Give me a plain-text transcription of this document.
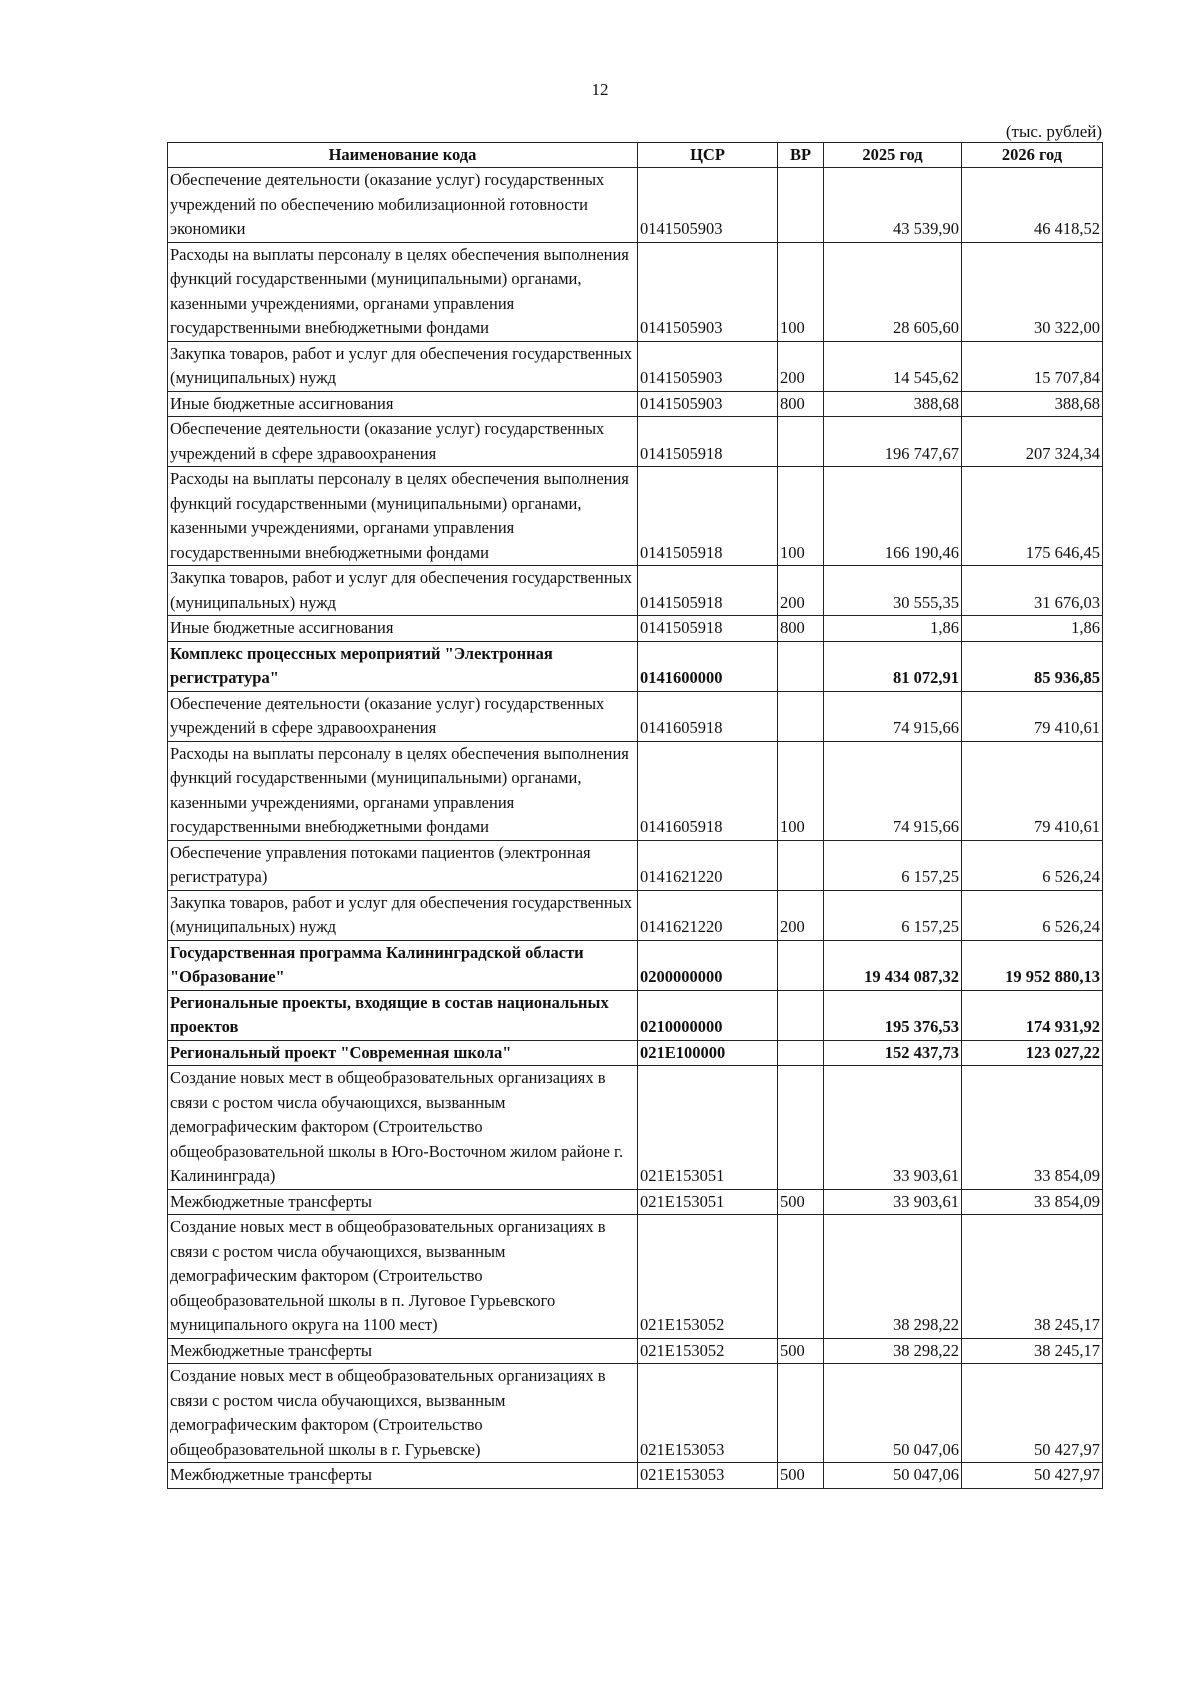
12
(тыс. рублей)
Наименование кода	ЦСР	ВР	2025 год	2026 год
Обеспечение деятельности (оказание услуг) государственных учреждений по обеспечению мобилизационной готовности экономики	0141505903		43 539,90	46 418,52
Расходы на выплаты персоналу в целях обеспечения выполнения функций государственными (муниципальными) органами, казенными учреждениями, органами управления государственными внебюджетными фондами	0141505903	100	28 605,60	30 322,00
Закупка товаров, работ и услуг для обеспечения государственных (муниципальных) нужд	0141505903	200	14 545,62	15 707,84
Иные бюджетные ассигнования	0141505903	800	388,68	388,68
Обеспечение деятельности (оказание услуг) государственных учреждений в сфере здравоохранения	0141505918		196 747,67	207 324,34
Расходы на выплаты персоналу в целях обеспечения выполнения функций государственными (муниципальными) органами, казенными учреждениями, органами управления государственными внебюджетными фондами	0141505918	100	166 190,46	175 646,45
Закупка товаров, работ и услуг для обеспечения государственных (муниципальных) нужд	0141505918	200	30 555,35	31 676,03
Иные бюджетные ассигнования	0141505918	800	1,86	1,86
Комплекс процессных мероприятий "Электронная регистратура"	0141600000		81 072,91	85 936,85
Обеспечение деятельности (оказание услуг) государственных учреждений в сфере здравоохранения	0141605918		74 915,66	79 410,61
Расходы на выплаты персоналу в целях обеспечения выполнения функций государственными (муниципальными) органами, казенными учреждениями, органами управления государственными внебюджетными фондами	0141605918	100	74 915,66	79 410,61
Обеспечение управления потоками пациентов (электронная регистратура)	0141621220		6 157,25	6 526,24
Закупка товаров, работ и услуг для обеспечения государственных (муниципальных) нужд	0141621220	200	6 157,25	6 526,24
Государственная программа Калининградской области "Образование"	0200000000		19 434 087,32	19 952 880,13
Региональные проекты, входящие в состав национальных проектов	0210000000		195 376,53	174 931,92
Региональный проект "Современная школа"	021E100000		152 437,73	123 027,22
Создание новых мест в общеобразовательных организациях в связи с ростом числа обучающихся, вызванным демографическим фактором (Строительство общеобразовательной школы в Юго-Восточном жилом районе г. Калининграда)	021E153051		33 903,61	33 854,09
Межбюджетные трансферты	021E153051	500	33 903,61	33 854,09
Создание новых мест в общеобразовательных организациях в связи с ростом числа обучающихся, вызванным демографическим фактором (Строительство общеобразовательной школы в п. Луговое Гурьевского муниципального округа на 1100 мест)	021E153052		38 298,22	38 245,17
Межбюджетные трансферты	021E153052	500	38 298,22	38 245,17
Создание новых мест в общеобразовательных организациях в связи с ростом числа обучающихся, вызванным демографическим фактором (Строительство общеобразовательной школы в г. Гурьевске)	021E153053		50 047,06	50 427,97
Межбюджетные трансферты	021E153053	500	50 047,06	50 427,97
